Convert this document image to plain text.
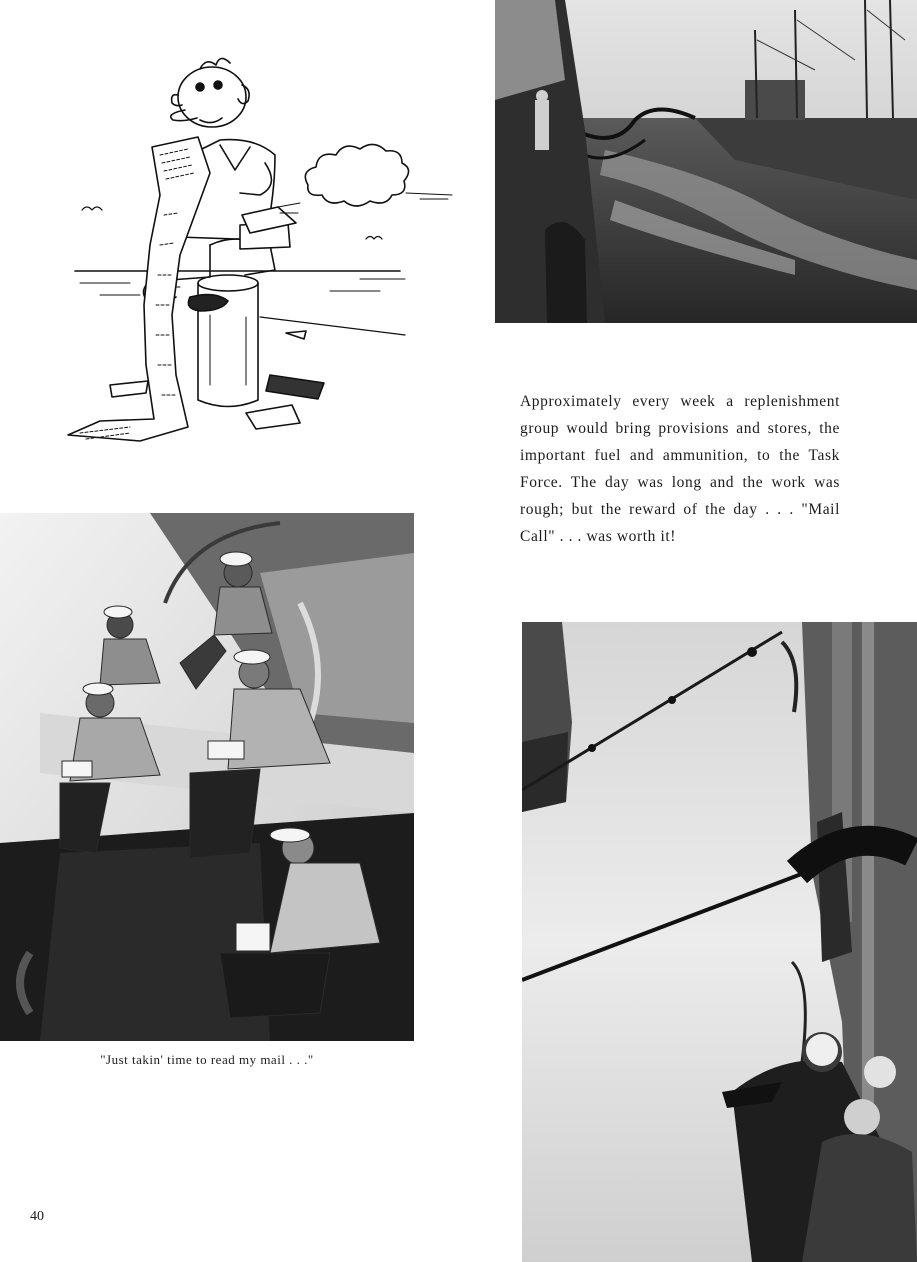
Approximately every week a replenishment group would bring provisions and stores, the important fuel and ammunition, to the Task Force. The day was long and the work was rough; but the reward of the day . . . "Mail Call" . . . was worth it!
"Just takin' time to read my mail . . ."
40
